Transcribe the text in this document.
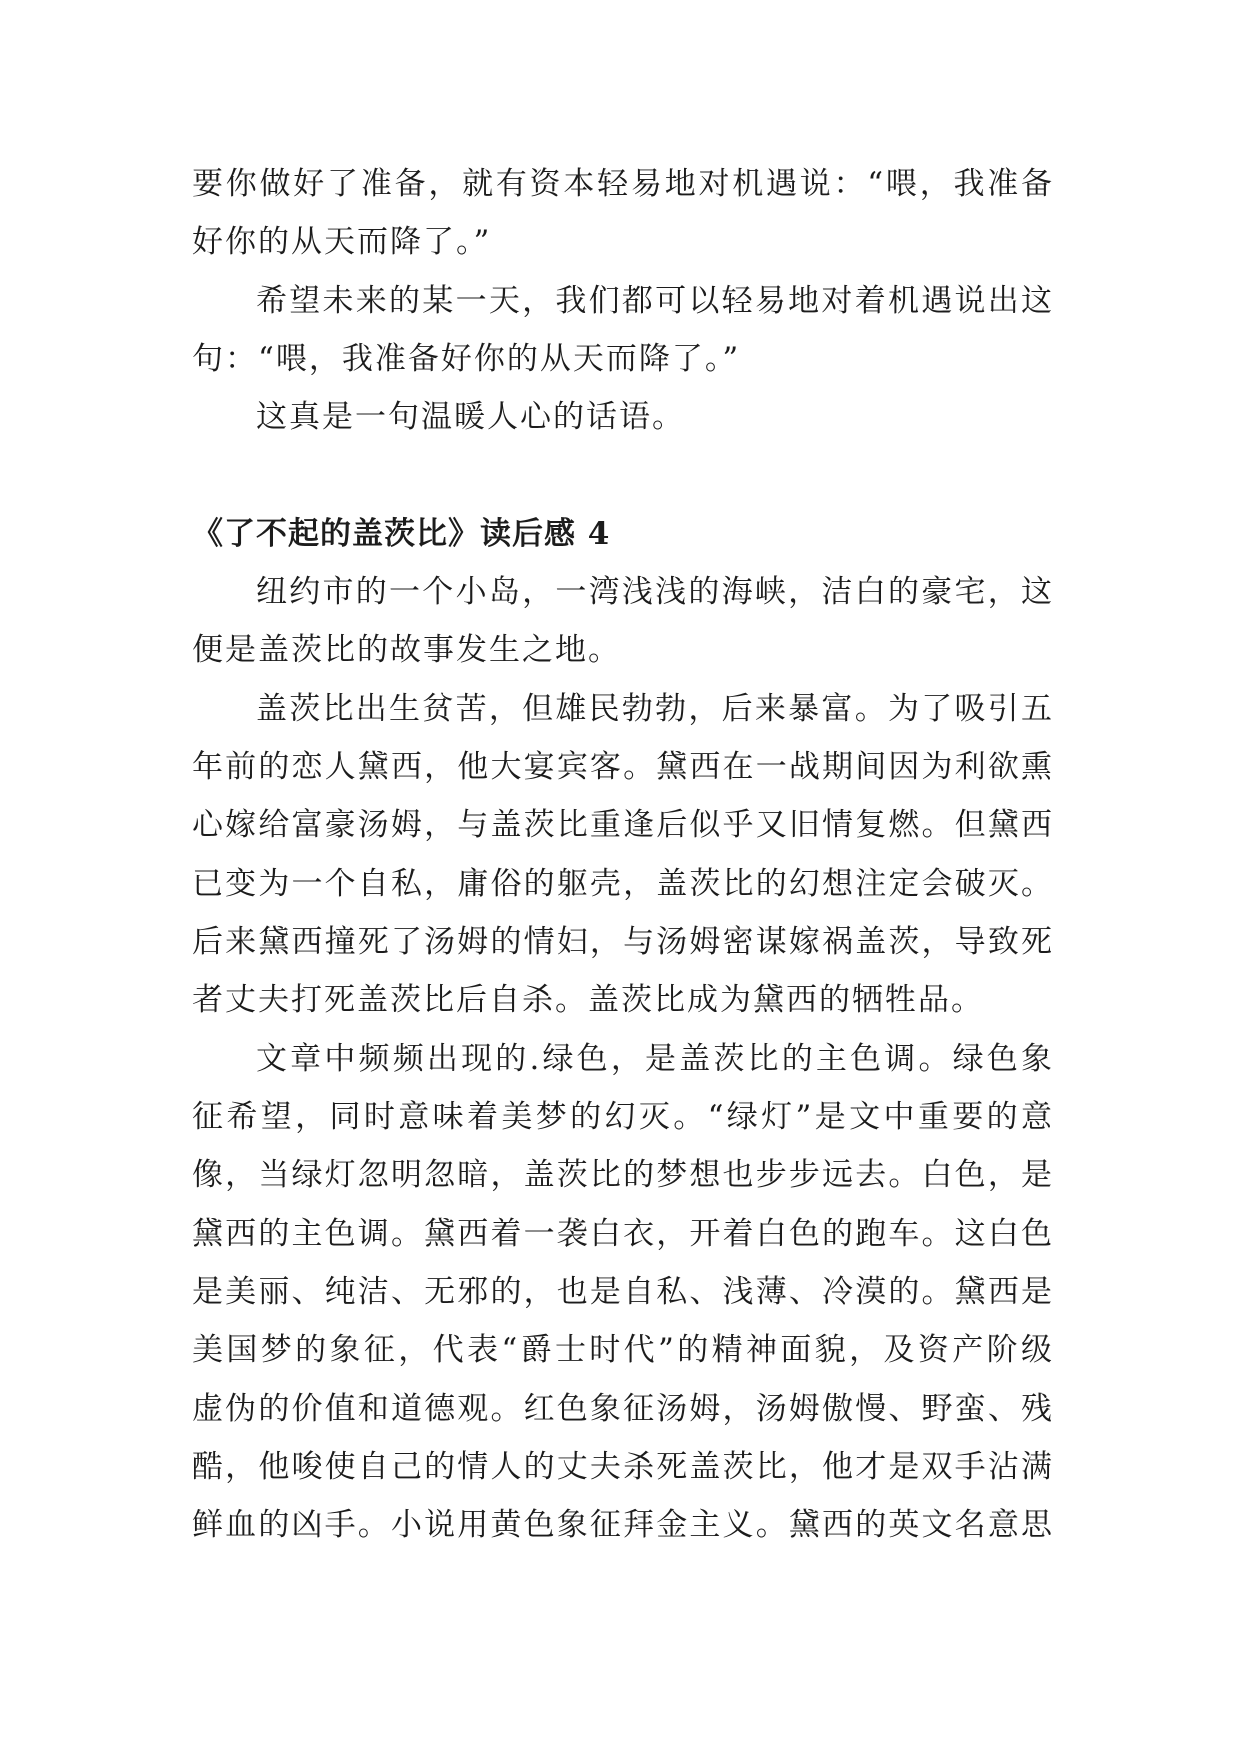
要你做好了准备，就有资本轻易地对机遇说：“喂，我准备

好你的从天而降了。”

希望未来的某一天，我们都可以轻易地对着机遇说出这

句：“喂，我准备好你的从天而降了。”

这真是一句温暖人心的话语。

《了不起的盖茨比》读后感 4

纽约市的一个小岛，一湾浅浅的海峡，洁白的豪宅，这

便是盖茨比的故事发生之地。

盖茨比出生贫苦，但雄民勃勃，后来暴富。为了吸引五

年前的恋人黛西，他大宴宾客。黛西在一战期间因为利欲熏

心嫁给富豪汤姆，与盖茨比重逢后似乎又旧情复燃。但黛西

已变为一个自私，庸俗的躯壳，盖茨比的幻想注定会破灭。

后来黛西撞死了汤姆的情妇，与汤姆密谋嫁祸盖茨，导致死

者丈夫打死盖茨比后自杀。盖茨比成为黛西的牺牲品。

文章中频频出现的.绿色，是盖茨比的主色调。绿色象

征希望，同时意味着美梦的幻灭。“绿灯”是文中重要的意

像，当绿灯忽明忽暗，盖茨比的梦想也步步远去。白色，是

黛西的主色调。黛西着一袭白衣，开着白色的跑车。这白色

是美丽、纯洁、无邪的，也是自私、浅薄、冷漠的。黛西是

美国梦的象征，代表“爵士时代”的精神面貌，及资产阶级

虚伪的价值和道德观。红色象征汤姆，汤姆傲慢、野蛮、残

酷，他唆使自己的情人的丈夫杀死盖茨比，他才是双手沾满

鲜血的凶手。小说用黄色象征拜金主义。黛西的英文名意思
